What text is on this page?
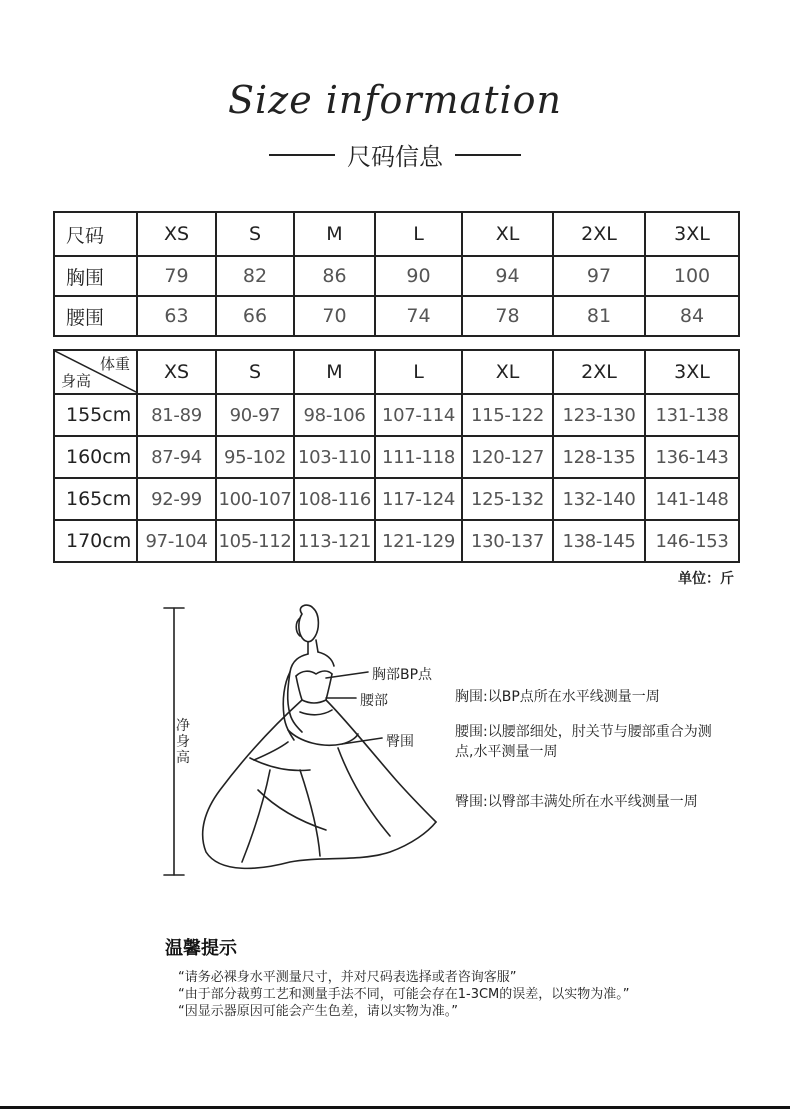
Size information
尺码信息
尺码	XS	S	M	L	XL	2XL	3XL
胸围	79	82	86	90	94	97	100
腰围	63	66	70	74	78	81	84
体重
身高	XS	S	M	L	XL	2XL	3XL
155cm	81-89	90-97	98-106	107-114	115-122	123-130	131-138
160cm	87-94	95-102	103-110	111-118	120-127	128-135	136-143
165cm	92-99	100-107	108-116	117-124	125-132	132-140	141-148
170cm	97-104	105-112	113-121	121-129	130-137	138-145	146-153
单位：斤
净身高
胸部BP点
腰部
臀围
胸围:以BP点所在水平线测量一周
腰围:以腰部细处，肘关节与腰部重合为测点,水平测量一周
臀围:以臀部丰满处所在水平线测量一周
温馨提示
“请务必裸身水平测量尺寸，并对尺码表选择或者咨询客服”
“由于部分裁剪工艺和测量手法不同，可能会存在1-3CM的误差，以实物为准。”
“因显示器原因可能会产生色差，请以实物为准。”
